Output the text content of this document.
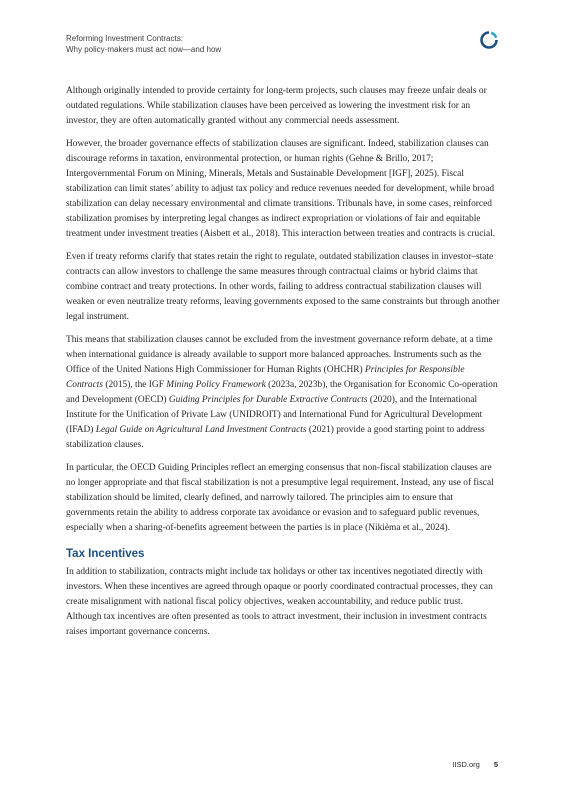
Reforming Investment Contracts:
Why policy-makers must act now—and how

Although originally intended to provide certainty for long-term projects, such clauses may freeze unfair deals or outdated regulations. While stabilization clauses have been perceived as lowering the investment risk for an investor, they are often automatically granted without any commercial needs assessment.

However, the broader governance effects of stabilization clauses are significant. Indeed, stabilization clauses can discourage reforms in taxation, environmental protection, or human rights (Gehne & Brillo, 2017; Intergovernmental Forum on Mining, Minerals, Metals and Sustainable Development [IGF], 2025). Fiscal stabilization can limit states’ ability to adjust tax policy and reduce revenues needed for development, while broad stabilization can delay necessary environmental and climate transitions. Tribunals have, in some cases, reinforced stabilization promises by interpreting legal changes as indirect expropriation or violations of fair and equitable treatment under investment treaties (Aisbett et al., 2018). This interaction between treaties and contracts is crucial.

Even if treaty reforms clarify that states retain the right to regulate, outdated stabilization clauses in investor–state contracts can allow investors to challenge the same measures through contractual claims or hybrid claims that combine contract and treaty protections. In other words, failing to address contractual stabilization clauses will weaken or even neutralize treaty reforms, leaving governments exposed to the same constraints but through another legal instrument.

This means that stabilization clauses cannot be excluded from the investment governance reform debate, at a time when international guidance is already available to support more balanced approaches. Instruments such as the Office of the United Nations High Commissioner for Human Rights (OHCHR) Principles for Responsible Contracts (2015), the IGF Mining Policy Framework (2023a, 2023b), the Organisation for Economic Co-operation and Development (OECD) Guiding Principles for Durable Extractive Contracts (2020), and the International Institute for the Unification of Private Law (UNIDROIT) and International Fund for Agricultural Development (IFAD) Legal Guide on Agricultural Land Investment Contracts (2021) provide a good starting point to address stabilization clauses.

In particular, the OECD Guiding Principles reflect an emerging consensus that non-fiscal stabilization clauses are no longer appropriate and that fiscal stabilization is not a presumptive legal requirement. Instead, any use of fiscal stabilization should be limited, clearly defined, and narrowly tailored. The principles aim to ensure that governments retain the ability to address corporate tax avoidance or evasion and to safeguard public revenues, especially when a sharing-of-benefits agreement between the parties is in place (Nikièma et al., 2024).

Tax Incentives

In addition to stabilization, contracts might include tax holidays or other tax incentives negotiated directly with investors. When these incentives are agreed through opaque or poorly coordinated contractual processes, they can create misalignment with national fiscal policy objectives, weaken accountability, and reduce public trust. Although tax incentives are often presented as tools to attract investment, their inclusion in investment contracts raises important governance concerns.

IISD.org 5
